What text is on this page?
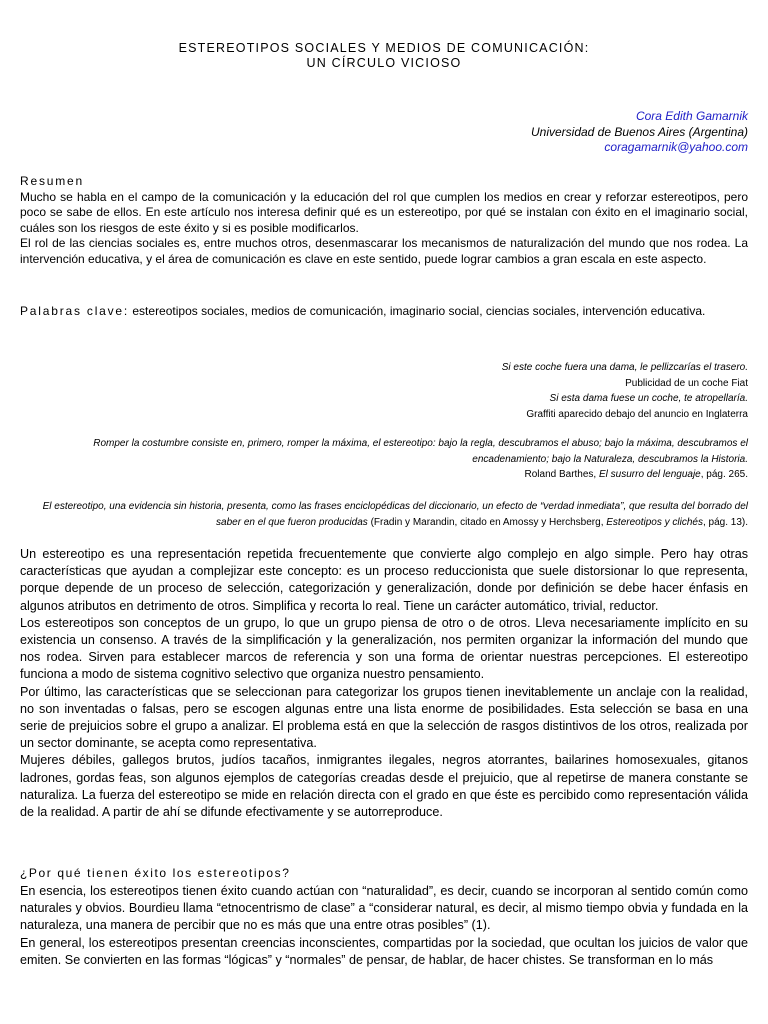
ESTEREOTIPOS SOCIALES Y MEDIOS DE COMUNICACIÓN:
UN CÍRCULO VICIOSO
Cora Edith Gamarnik
Universidad de Buenos Aires (Argentina)
coragamarnik@yahoo.com
Resumen

Mucho se habla en el campo de la comunicación y la educación del rol que cumplen los medios en crear y reforzar estereotipos, pero poco se sabe de ellos. En este artículo nos interesa definir qué es un estereotipo, por qué se instalan con éxito en el imaginario social, cuáles son los riesgos de este éxito y si es posible modificarlos.

El rol de las ciencias sociales es, entre muchos otros, desenmascarar los mecanismos de naturalización del mundo que nos rodea. La intervención educativa, y el área de comunicación es clave en este sentido, puede lograr cambios a gran escala en este aspecto.

Palabras clave: estereotipos sociales, medios de comunicación, imaginario social, ciencias sociales, intervención educativa.

Si este coche fuera una dama, le pellizcarías el trasero.

Publicidad de un coche Fiat

Si esta dama fuese un coche, te atropellaría.

Graffiti aparecido debajo del anuncio en Inglaterra

Romper la costumbre consiste en, primero, romper la máxima, el estereotipo: bajo la regla, descubramos el abuso; bajo la máxima, descubramos el encadenamiento; bajo la Naturaleza, descubramos la Historia.

Roland Barthes, El susurro del lenguaje, pág. 265.

El estereotipo, una evidencia sin historia, presenta, como las frases enciclopédicas del diccionario, un efecto de “verdad inmediata”, que resulta del borrado del saber en el que fueron producidas (Fradin y Marandin, citado en Amossy y Herchsberg, Estereotipos y clichés, pág. 13).

Un estereotipo es una representación repetida frecuentemente que convierte algo complejo en algo simple. Pero hay otras características que ayudan a complejizar este concepto: es un proceso reduccionista que suele distorsionar lo que representa, porque depende de un proceso de selección, categorización y generalización, donde por definición se debe hacer énfasis en algunos atributos en detrimento de otros. Simplifica y recorta lo real. Tiene un carácter automático, trivial, reductor.

Los estereotipos son conceptos de un grupo, lo que un grupo piensa de otro o de otros. Lleva necesariamente implícito en su existencia un consenso. A través de la simplificación y la generalización, nos permiten organizar la información del mundo que nos rodea. Sirven para establecer marcos de referencia y son una forma de orientar nuestras percepciones. El estereotipo funciona a modo de sistema cognitivo selectivo que organiza nuestro pensamiento.

Por último, las características que se seleccionan para categorizar los grupos tienen inevitablemente un anclaje con la realidad, no son inventadas o falsas, pero se escogen algunas entre una lista enorme de posibilidades. Esta selección se basa en una serie de prejuicios sobre el grupo a analizar. El problema está en que la selección de rasgos distintivos de los otros, realizada por un sector dominante, se acepta como representativa.

Mujeres débiles, gallegos brutos, judíos tacaños, inmigrantes ilegales, negros atorrantes, bailarines homosexuales, gitanos ladrones, gordas feas, son algunos ejemplos de categorías creadas desde el prejuicio, que al repetirse de manera constante se naturaliza. La fuerza del estereotipo se mide en relación directa con el grado en que éste es percibido como representación válida de la realidad. A partir de ahí se difunde efectivamente y se autorreproduce.

¿Por qué tienen éxito los estereotipos?

En esencia, los estereotipos tienen éxito cuando actúan con “naturalidad”, es decir, cuando se incorporan al sentido común como naturales y obvios. Bourdieu llama “etnocentrismo de clase” a “considerar natural, es decir, al mismo tiempo obvia y fundada en la naturaleza, una manera de percibir que no es más que una entre otras posibles” (1).

En general, los estereotipos presentan creencias inconscientes, compartidas por la sociedad, que ocultan los juicios de valor que emiten. Se convierten en las formas “lógicas” y “normales” de pensar, de hablar, de hacer chistes. Se transforman en lo más
